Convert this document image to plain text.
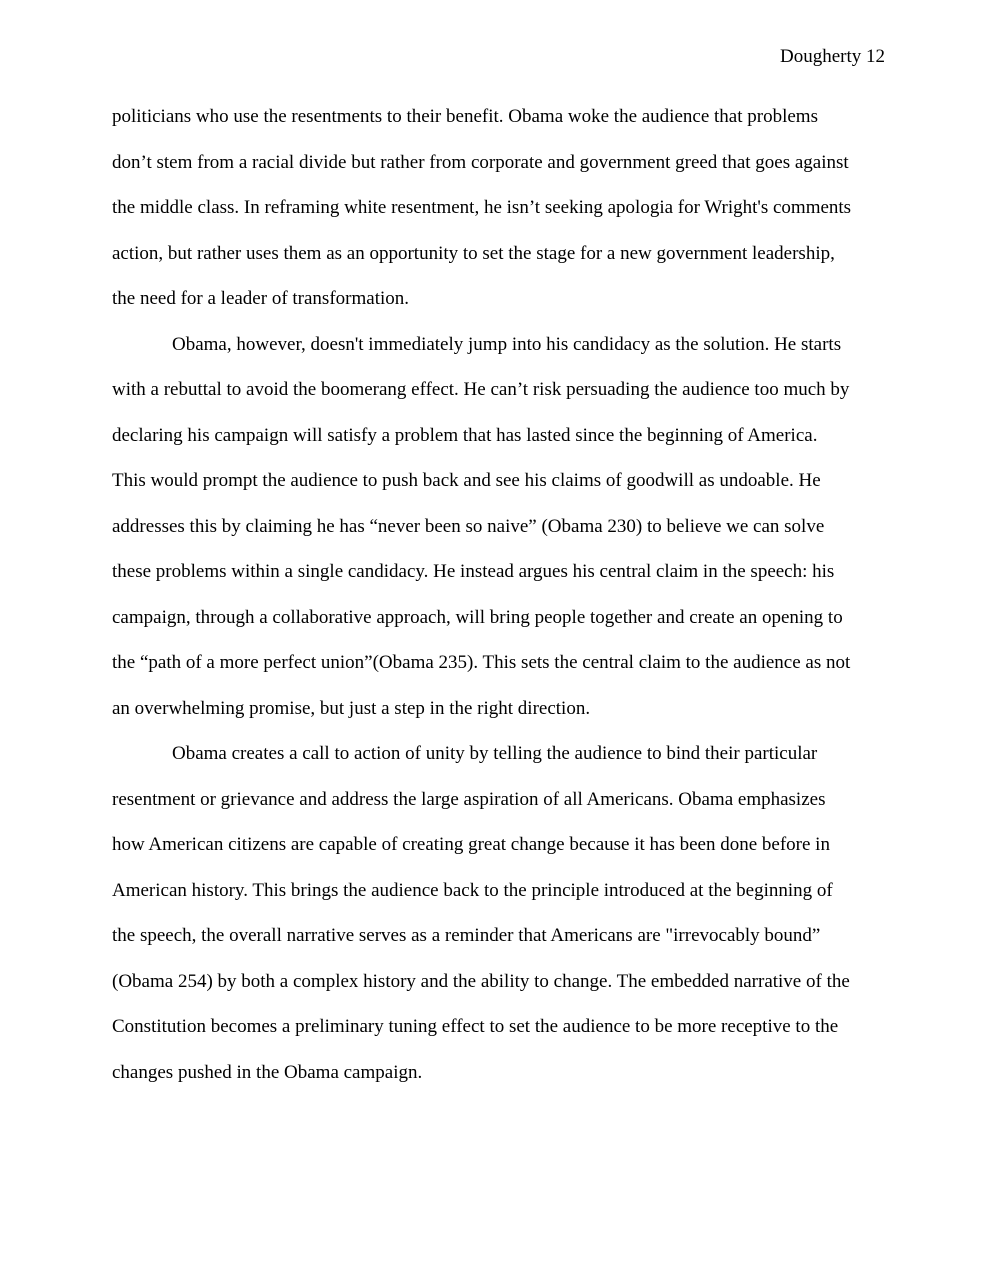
Dougherty 12
politicians who use the resentments to their benefit. Obama woke the audience that problems
don’t stem from a racial divide but rather from corporate and government greed that goes against
the middle class. In reframing white resentment, he isn’t seeking apologia for Wright's comments
action, but rather uses them as an opportunity to set the stage for a new government leadership,
the need for a leader of transformation.
Obama, however, doesn't immediately jump into his candidacy as the solution. He starts
with a rebuttal to avoid the boomerang effect. He can’t risk persuading the audience too much by
declaring his campaign will satisfy a problem that has lasted since the beginning of America.
This would prompt the audience to push back and see his claims of goodwill as undoable. He
addresses this by claiming he has “never been so naive” (Obama 230) to believe we can solve
these problems within a single candidacy. He instead argues his central claim in the speech: his
campaign, through a collaborative approach, will bring people together and create an opening to
the “path of a more perfect union”(Obama 235). This sets the central claim to the audience as not
an overwhelming promise, but just a step in the right direction.
Obama creates a call to action of unity by telling the audience to bind their particular
resentment or grievance and address the large aspiration of all Americans. Obama emphasizes
how American citizens are capable of creating great change because it has been done before in
American history. This brings the audience back to the principle introduced at the beginning of
the speech, the overall narrative serves as a reminder that Americans are "irrevocably bound”
(Obama 254) by both a complex history and the ability to change. The embedded narrative of the
Constitution becomes a preliminary tuning effect to set the audience to be more receptive to the
changes pushed in the Obama campaign.
